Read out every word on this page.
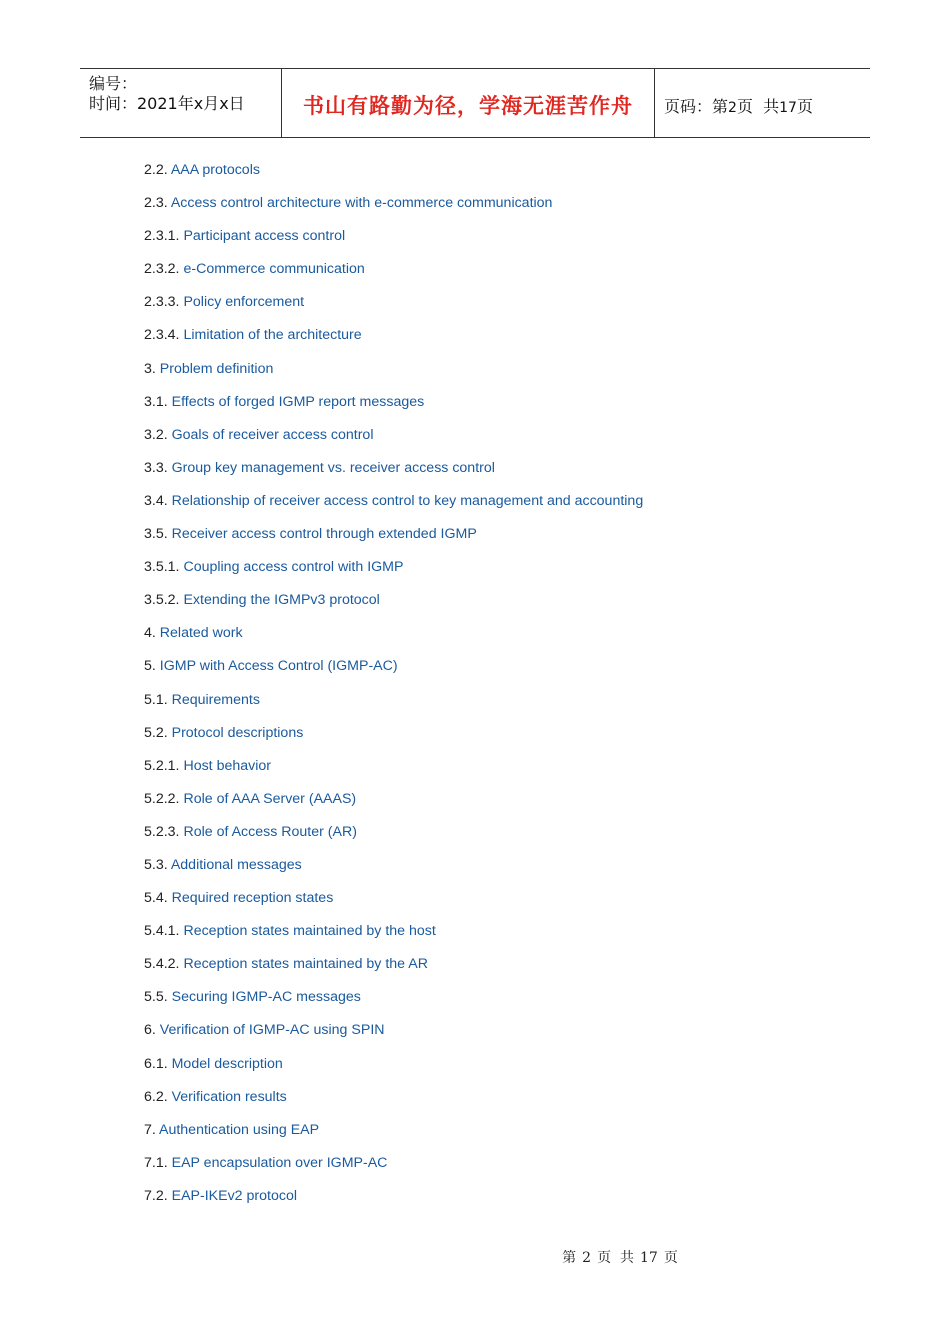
编号：
时间：2021年x月x日	书山有路勤为径，学海无涯苦作舟	页码：第2页  共17页
2.2. AAA protocols
2.3. Access control architecture with e-commerce communication
2.3.1. Participant access control
2.3.2. e-Commerce communication
2.3.3. Policy enforcement
2.3.4. Limitation of the architecture
3. Problem definition
3.1. Effects of forged IGMP report messages
3.2. Goals of receiver access control
3.3. Group key management vs. receiver access control
3.4. Relationship of receiver access control to key management and accounting
3.5. Receiver access control through extended IGMP
3.5.1. Coupling access control with IGMP
3.5.2. Extending the IGMPv3 protocol
4. Related work
5. IGMP with Access Control (IGMP-AC)
5.1. Requirements
5.2. Protocol descriptions
5.2.1. Host behavior
5.2.2. Role of AAA Server (AAAS)
5.2.3. Role of Access Router (AR)
5.3. Additional messages
5.4. Required reception states
5.4.1. Reception states maintained by the host
5.4.2. Reception states maintained by the AR
5.5. Securing IGMP-AC messages
6. Verification of IGMP-AC using SPIN
6.1. Model description
6.2. Verification results
7. Authentication using EAP
7.1. EAP encapsulation over IGMP-AC
7.2. EAP-IKEv2 protocol
第 2 页  共 17 页
